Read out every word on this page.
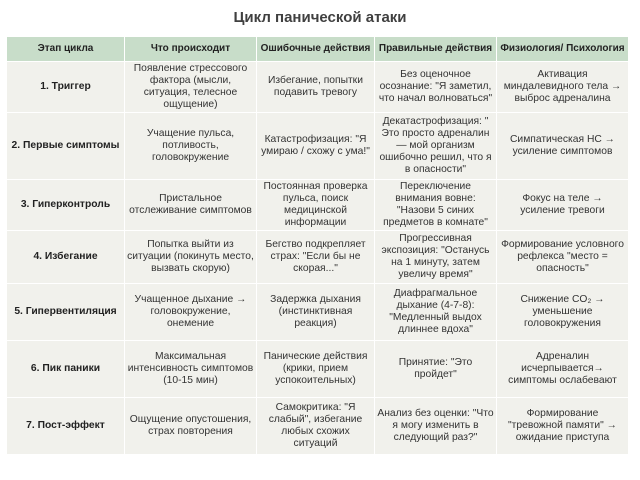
Цикл панической атаки
Этап цикла	Что происходит	Ошибочные действия	Правильные действия	Физиология/ Психология
1. Триггер	Появление стрессового фактора (мысли, ситуация, телесное ощущение)	Избегание, попытки подавить тревогу	Без оценочное осознание: "Я заметил, что начал волноваться"	Активация миндалевидного тела → выброс адреналина
2. Первые симптомы	Учащение пульса, потливость, головокружение	Катастрофизация: "Я умираю / схожу с ума!"	Декатастрофизация: " Это просто адреналин — мой организм ошибочно решил, что я в опасности"	Симпатическая НС → усиление симптомов
3. Гиперконтроль	Пристальное отслеживание симптомов	Постоянная проверка пульса, поиск медицинской информации	Переключение внимания вовне: "Назови 5 синих предметов в комнате"	Фокус на теле → усиление тревоги
4. Избегание	Попытка выйти из ситуации (покинуть место, вызвать скорую)	Бегство подкрепляет страх: "Если бы не скорая..."	Прогрессивная экспозиция: "Останусь на 1 минуту, затем увеличу время"	Формирование условного рефлекса "место = опасность"
5. Гипервентиляция	Учащенное дыхание → головокружение, онемение	Задержка дыхания (инстинктивная реакция)	Диафрагмальное дыхание (4-7-8): "Медленный выдох длиннее вдоха"	Снижение CO₂ → уменьшение головокружения
6. Пик паники	Максимальная интенсивность симптомов (10-15 мин)	Панические действия (крики, прием успокоительных)	Принятие: "Это пройдет"	Адреналин исчерпывается→ симптомы ослабевают
7. Пост-эффект	Ощущение опустошения, страх повторения	Самокритика: "Я слабый", избегание любых схожих ситуаций	Анализ без оценки: "Что я могу изменить в следующий раз?"	Формирование "тревожной памяти" → ожидание приступа
